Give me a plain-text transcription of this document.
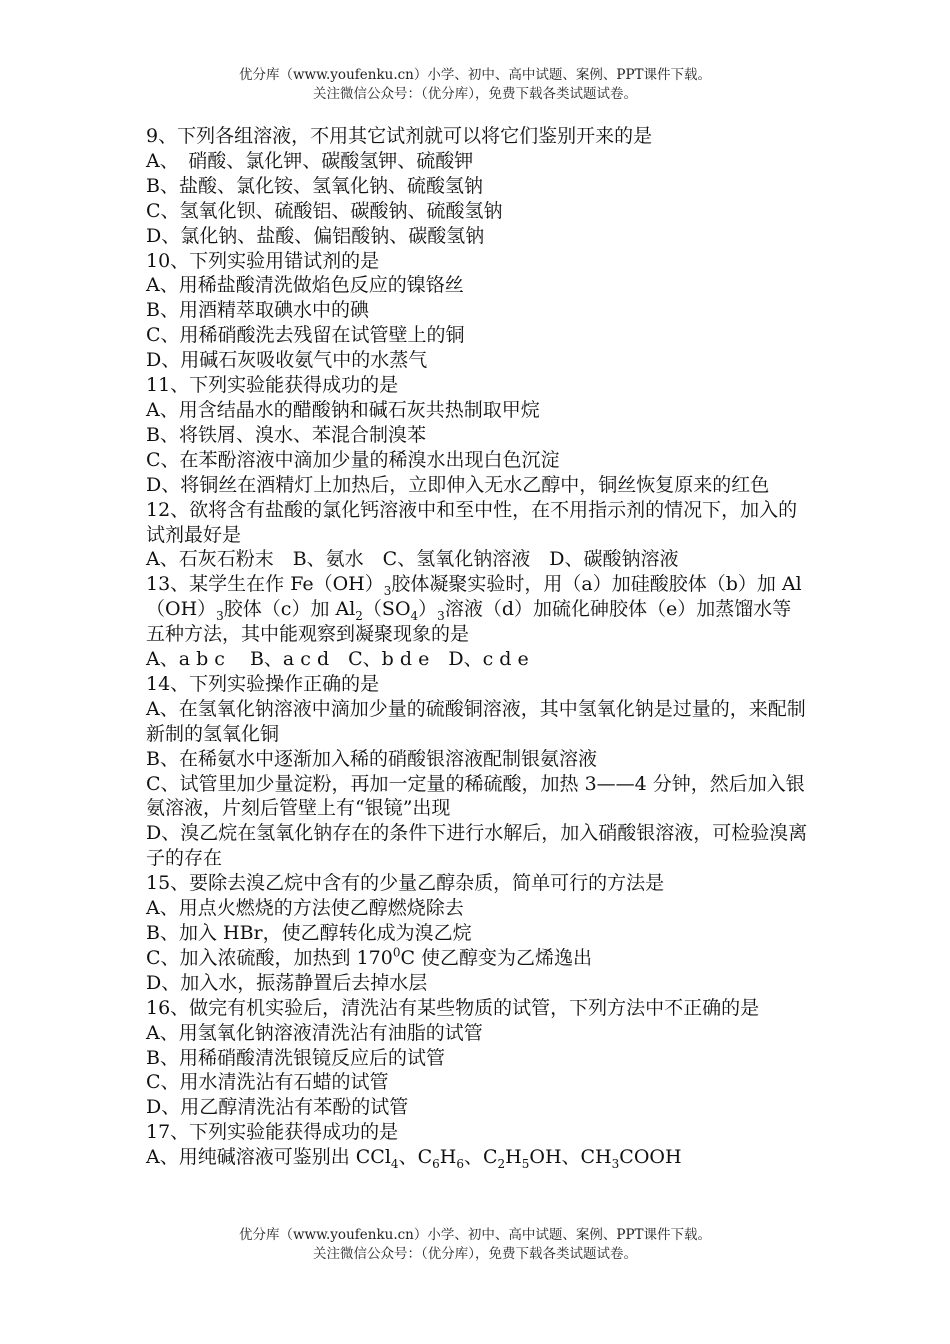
优分库（www.youfenku.cn）小学、初中、高中试题、案例、PPT课件下载。
关注微信公众号：（优分库），免费下载各类试题试卷。
9、下列各组溶液，不用其它试剂就可以将它们鉴别开来的是
A、　硝酸、氯化钾、碳酸氢钾、硫酸钾
B、盐酸、氯化铵、氢氧化钠、硫酸氢钠
C、氢氧化钡、硫酸铝、碳酸钠、硫酸氢钠
D、氯化钠、盐酸、偏铝酸钠、碳酸氢钠
10、下列实验用错试剂的是
A、用稀盐酸清洗做焰色反应的镍铬丝
B、用酒精萃取碘水中的碘
C、用稀硝酸洗去残留在试管壁上的铜
D、用碱石灰吸收氨气中的水蒸气
11、下列实验能获得成功的是
A、用含结晶水的醋酸钠和碱石灰共热制取甲烷
B、将铁屑、溴水、苯混合制溴苯
C、在苯酚溶液中滴加少量的稀溴水出现白色沉淀
D、将铜丝在酒精灯上加热后，立即伸入无水乙醇中，铜丝恢复原来的红色
12、欲将含有盐酸的氯化钙溶液中和至中性，在不用指示剂的情况下，加入的试剂最好是
A、石灰石粉末　B、氨水　C、氢氧化钠溶液　D、碳酸钠溶液
13、某学生在作 $Fe(OH)_3$胶体凝聚实验时，用（a）加硅酸胶体（b）加 $Al(OH)_3$胶体（c）加 $Al_2(SO_4)_3$溶液（d）加硫化砷胶体（e）加蒸馏水等五种方法，其中能观察到凝聚现象的是
A、a b c　 B、a c d　C、b d e　D、c d e
14、下列实验操作正确的是
A、在氢氧化钠溶液中滴加少量的硫酸铜溶液，其中氢氧化钠是过量的，来配制新制的氢氧化铜
B、在稀氨水中逐渐加入稀的硝酸银溶液配制银氨溶液
C、试管里加少量淀粉，再加一定量的稀硫酸，加热 3——4 分钟，然后加入银氨溶液，片刻后管壁上有“银镜”出现
D、溴乙烷在氢氧化钠存在的条件下进行水解后，加入硝酸银溶液，可检验溴离子的存在
15、要除去溴乙烷中含有的少量乙醇杂质，简单可行的方法是
A、用点火燃烧的方法使乙醇燃烧除去
B、加入 HBr，使乙醇转化成为溴乙烷
C、加入浓硫酸，加热到 $170^0C$ 使乙醇变为乙烯逸出
D、加入水，振荡静置后去掉水层
16、做完有机实验后，清洗沾有某些物质的试管，下列方法中不正确的是
A、用氢氧化钠溶液清洗沾有油脂的试管
B、用稀硝酸清洗银镜反应后的试管
C、用水清洗沾有石蜡的试管
D、用乙醇清洗沾有苯酚的试管
17、下列实验能获得成功的是
A、用纯碱溶液可鉴别出 CCl$_4$、$C_6H_6$、$C_2H_5OH$、$CH_3COOH$
优分库（www.youfenku.cn）小学、初中、高中试题、案例、PPT课件下载。
关注微信公众号：（优分库），免费下载各类试题试卷。
